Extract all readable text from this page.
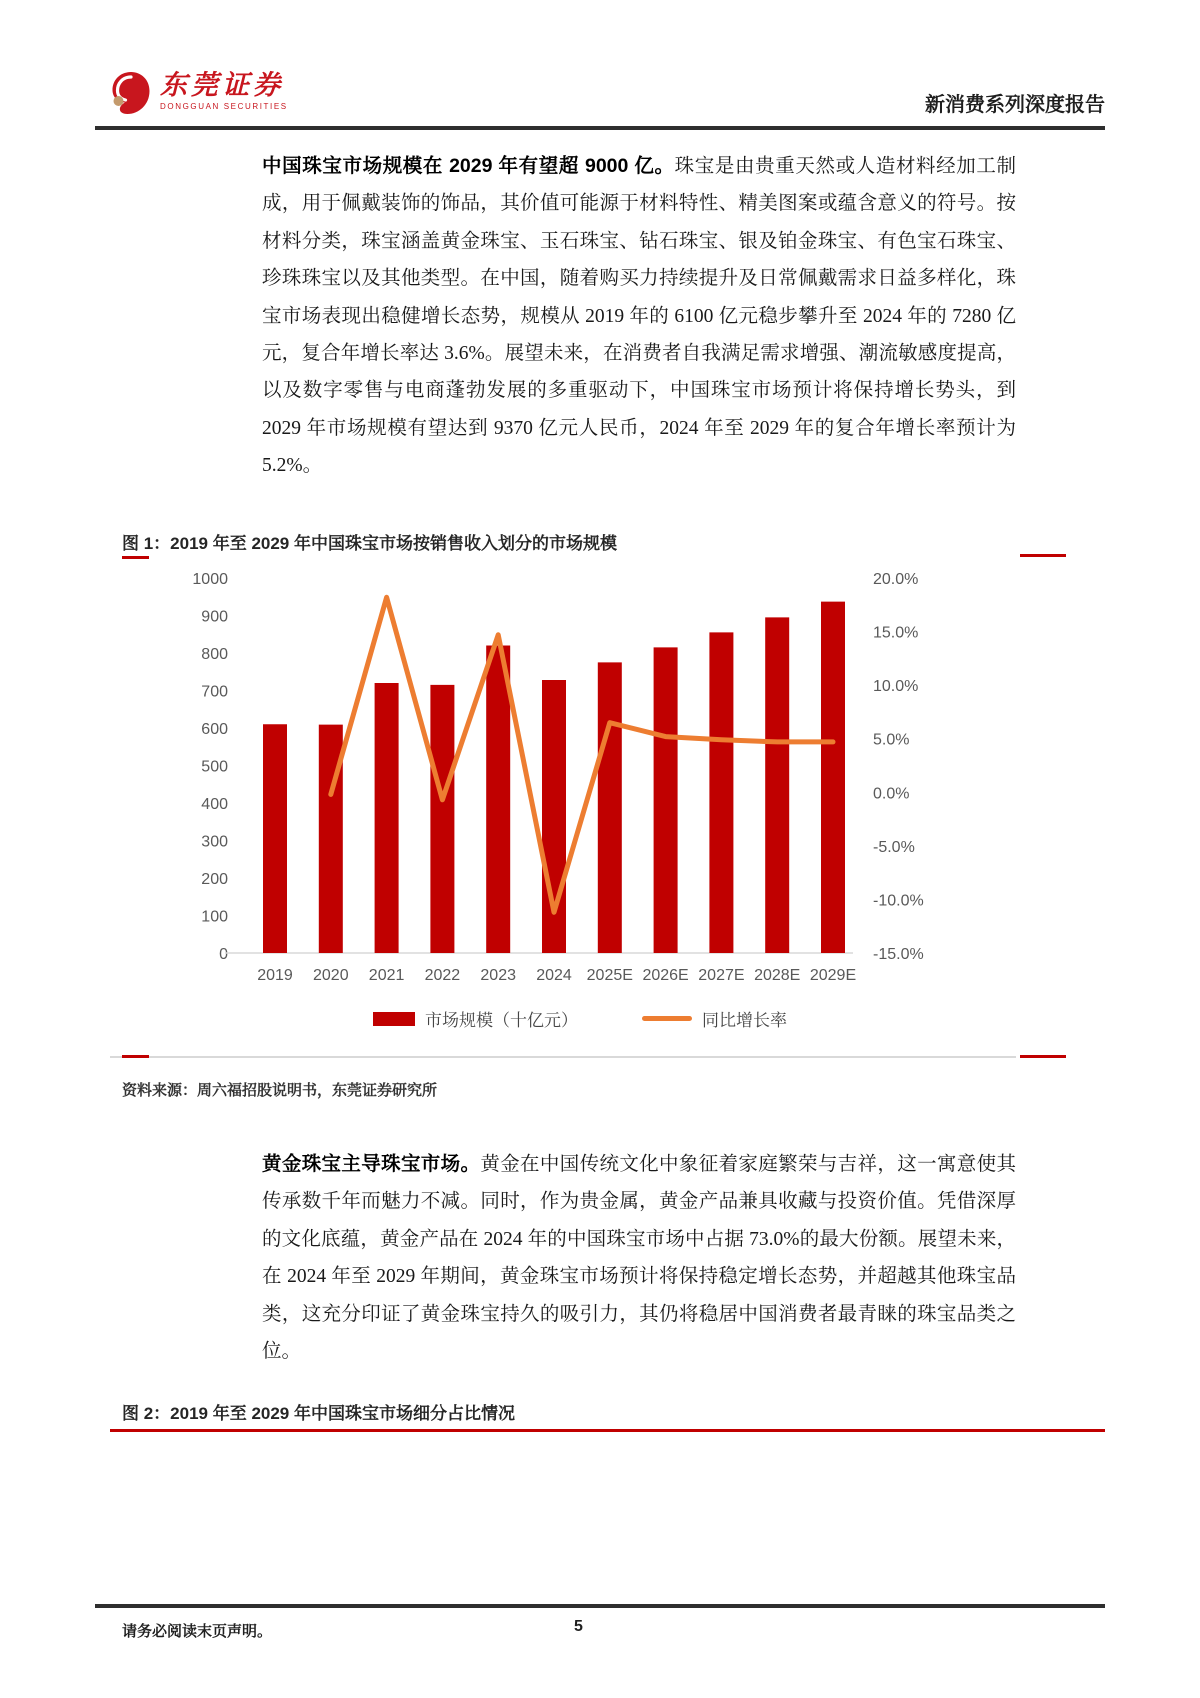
东莞证券
DONGGUAN SECURITIES	新消费系列深度报告
中国珠宝市场规模在 2029 年有望超 9000 亿。珠宝是由贵重天然或人造材料经加工制成，用于佩戴装饰的饰品，其价值可能源于材料特性、精美图案或蕴含意义的符号。按材料分类，珠宝涵盖黄金珠宝、玉石珠宝、钻石珠宝、银及铂金珠宝、有色宝石珠宝、珍珠珠宝以及其他类型。在中国，随着购买力持续提升及日常佩戴需求日益多样化，珠宝市场表现出稳健增长态势，规模从 2019 年的 6100 亿元稳步攀升至 2024 年的 7280 亿元，复合年增长率达 3.6%。展望未来，在消费者自我满足需求增强、潮流敏感度提高，以及数字零售与电商蓬勃发展的多重驱动下，中国珠宝市场预计将保持增长势头，到 2029 年市场规模有望达到 9370 亿元人民币，2024 年至 2029 年的复合年增长率预计为 5.2%。
图 1：2019 年至 2029 年中国珠宝市场按销售收入划分的市场规模
0
100
200
300
400
500
600
700
800
900
1000
-15.0%
-10.0%
-5.0%
0.0%
5.0%
10.0%
15.0%
20.0%
2019 2020 2021 2022 2023 2024 2025E 2026E 2027E 2028E 2029E
市场规模（十亿元）	同比增长率
资料来源：周六福招股说明书，东莞证券研究所
黄金珠宝主导珠宝市场。黄金在中国传统文化中象征着家庭繁荣与吉祥，这一寓意使其传承数千年而魅力不减。同时，作为贵金属，黄金产品兼具收藏与投资价值。凭借深厚的文化底蕴，黄金产品在 2024 年的中国珠宝市场中占据 73.0%的最大份额。展望未来，在 2024 年至 2029 年期间，黄金珠宝市场预计将保持稳定增长态势，并超越其他珠宝品类，这充分印证了黄金珠宝持久的吸引力，其仍将稳居中国消费者最青睐的珠宝品类之位。
图 2：2019 年至 2029 年中国珠宝市场细分占比情况
请务必阅读末页声明。	5
